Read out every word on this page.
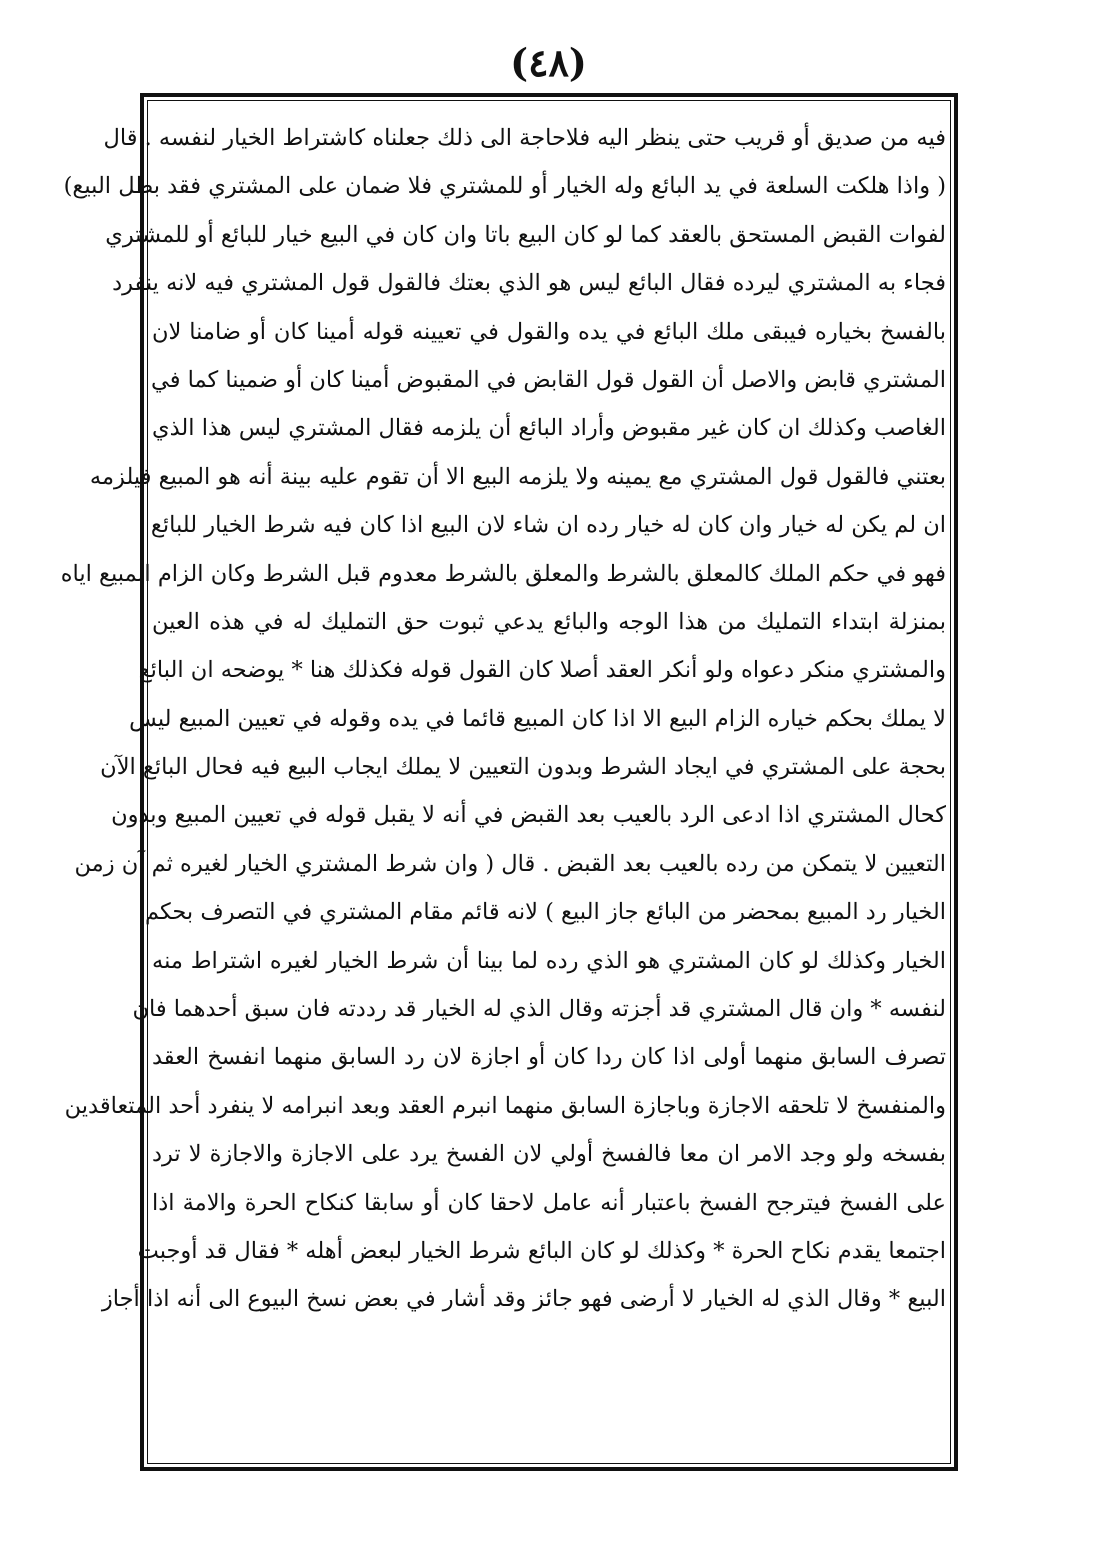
(٤٨)
فيه من صديق أو قريب حتى ينظر اليه فلاحاجة الى ذلك جعلناه كاشتراط الخيار لنفسه . قال
( واذا هلكت السلعة في يد البائع وله الخيار أو للمشتري فلا ضمان على المشتري فقد بطل البيع)
لفوات القبض المستحق بالعقد كما لو كان البيع باتا وان كان في البيع خيار للبائع أو للمشتري
فجاء به المشتري ليرده فقال البائع ليس هو الذي بعتك فالقول قول المشتري فيه لانه ينفرد
بالفسخ بخياره فيبقى ملك البائع في يده والقول في تعيينه قوله أمينا كان أو ضامنا لان
المشتري قابض والاصل أن القول قول القابض في المقبوض أمينا كان أو ضمينا كما في
الغاصب وكذلك ان كان غير مقبوض وأراد البائع أن يلزمه فقال المشتري ليس هذا الذي
بعتني فالقول قول المشتري مع يمينه ولا يلزمه البيع الا أن تقوم عليه بينة أنه هو المبيع فيلزمه
ان لم يكن له خيار وان كان له خيار رده ان شاء لان البيع اذا كان فيه شرط الخيار للبائع
فهو في حكم الملك كالمعلق بالشرط والمعلق بالشرط معدوم قبل الشرط وكان الزام المبيع اياه
بمنزلة ابتداء التمليك من هذا الوجه والبائع يدعي ثبوت حق التمليك له في هذه العين
والمشتري منكر دعواه ولو أنكر العقد أصلا كان القول قوله فكذلك هنا * يوضحه ان البائع
لا يملك بحكم خياره الزام البيع الا اذا كان المبيع قائما في يده وقوله في تعيين المبيع ليس
بحجة على المشتري في ايجاد الشرط وبدون التعيين لا يملك ايجاب البيع فيه فحال البائع الآن
كحال المشتري اذا ادعى الرد بالعيب بعد القبض في أنه لا يقبل قوله في تعيين المبيع وبدون
التعيين لا يتمكن من رده بالعيب بعد القبض . قال ( وان شرط المشتري الخيار لغيره ثم آن زمن
الخيار رد المبيع بمحضر من البائع جاز البيع ) لانه قائم مقام المشتري في التصرف بحكم
الخيار وكذلك لو كان المشتري هو الذي رده لما بينا أن شرط الخيار لغيره اشتراط منه
لنفسه * وان قال المشتري قد أجزته وقال الذي له الخيار قد رددته فان سبق أحدهما فان
تصرف السابق منهما أولى اذا كان ردا كان أو اجازة لان رد السابق منهما انفسخ العقد
والمنفسخ لا تلحقه الاجازة وباجازة السابق منهما انبرم العقد وبعد انبرامه لا ينفرد أحد المتعاقدين
بفسخه ولو وجد الامر ان معا فالفسخ أولي لان الفسخ يرد على الاجازة والاجازة لا ترد
على الفسخ فيترجح الفسخ باعتبار أنه عامل لاحقا كان أو سابقا كنكاح الحرة والامة اذا
اجتمعا يقدم نكاح الحرة * وكذلك لو كان البائع شرط الخيار لبعض أهله * فقال قد أوجبت
البيع * وقال الذي له الخيار لا أرضى فهو جائز وقد أشار في بعض نسخ البيوع الى أنه اذا أجاز
